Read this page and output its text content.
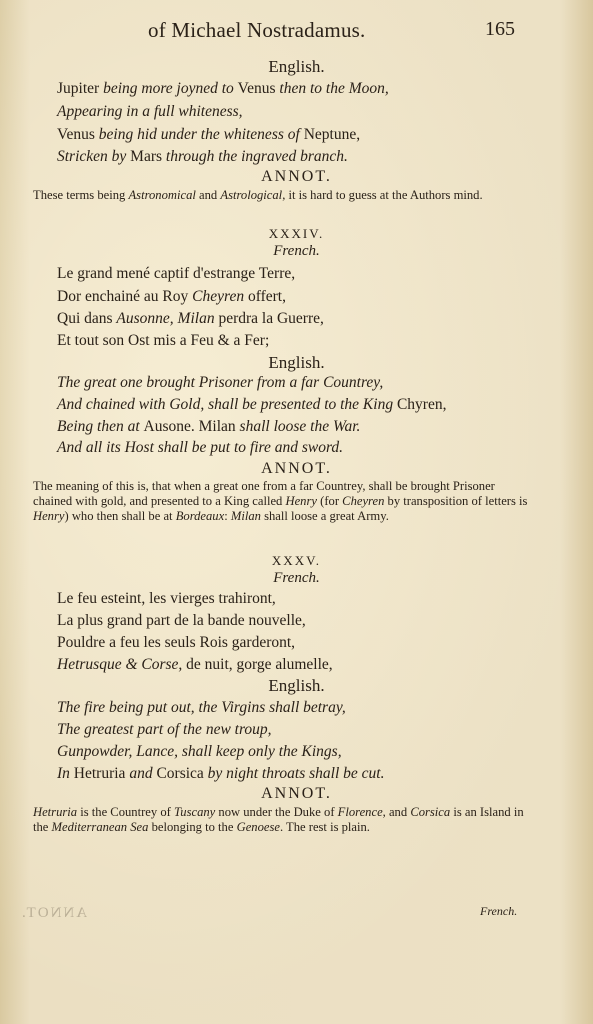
ANNOT.
of Michael Nostradamus.	165
English.
Jupiter being more joyned to Venus then to the Moon,
Appearing in a full whiteness,
Venus being hid under the whiteness of Neptune,
Stricken by Mars through the ingraved branch.
ANNOT.
These terms being Astronomical and Astrological, it is hard to guess at the Authors mind.
XXXIV.
French.
Le grand mené captif d'estrange Terre,
Dor enchainé au Roy Cheyren offert,
Qui dans Ausonne, Milan perdra la Guerre,
Et tout son Ost mis a Feu & a Fer;
English.
The great one brought Prisoner from a far Countrey,
And chained with Gold, shall be presented to the King Chyren,
Being then at Ausone. Milan shall loose the War.
And all its Host shall be put to fire and sword.
ANNOT.
The meaning of this is, that when a great one from a far Countrey, shall be brought Prisoner chained with gold, and presented to a King called Henry (for Cheyren by transposition of letters is Henry) who then shall be at Bordeaux: Milan shall loose a great Army.
XXXV.
French.
Le feu esteint, les vierges trahiront,
La plus grand part de la bande nouvelle,
Pouldre a feu les seuls Rois garderont,
Hetrusque & Corse, de nuit, gorge alumelle,
English.
The fire being put out, the Virgins shall betray,
The greatest part of the new troup,
Gunpowder, Lance, shall keep only the Kings,
In Hetruria and Corsica by night throats shall be cut.
ANNOT.
Hetruria is the Countrey of Tuscany now under the Duke of Florence, and Corsica is an Island in the Mediterranean Sea belonging to the Genoese. The rest is plain.
French.
